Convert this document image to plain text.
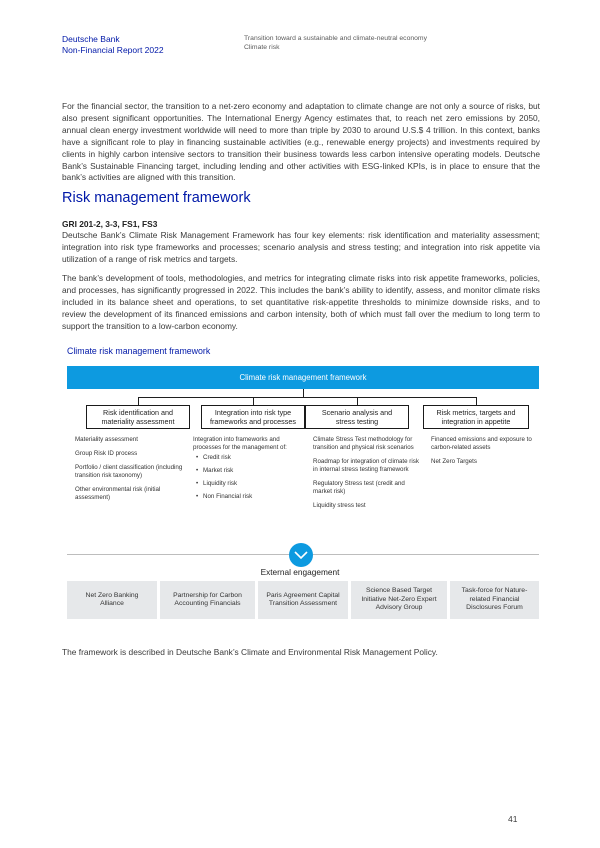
Deutsche Bank
Non-Financial Report 2022
Transition toward a sustainable and climate-neutral economy
Climate risk

For the financial sector, the transition to a net-zero economy and adaptation to climate change are not only a source of risks, but also present significant opportunities. The International Energy Agency estimates that, to reach net zero emissions by 2050, annual clean energy investment worldwide will need to more than triple by 2030 to around U.S.$ 4 trillion. In this context, banks have a significant role to play in financing sustainable activities (e.g., renewable energy projects) and investments required by clients in highly carbon intensive sectors to transition their business towards less carbon intensive operating models. Deutsche Bank’s Sustainable Financing target, including lending and other activities with ESG-linked KPIs, is in place to ensure that the bank’s activities are aligned with this transition.

Risk management framework
GRI 201-2, 3-3, FS1, FS3

Deutsche Bank’s Climate Risk Management Framework has four key elements: risk identification and materiality assessment; integration into risk type frameworks and processes; scenario analysis and stress testing; and integration into risk appetite via utilization of a range of risk metrics and targets.

The bank’s development of tools, methodologies, and metrics for integrating climate risks into risk appetite frameworks, policies, and processes, has significantly progressed in 2022. This includes the bank’s ability to identify, assess, and monitor climate risks included in its balance sheet and operations, to set quantitative risk-appetite thresholds to minimize downside risks, and to review the development of its financed emissions and carbon intensity, both of which must fall over the medium to long term to support the transition to a low-carbon economy.

Climate risk management framework
Climate risk management framework
Risk identification and
materiality assessment
Integration into risk type
frameworks and processes
Scenario analysis and
stress testing
Risk metrics, targets and
integration in appetite
Materiality assessment
Group Risk ID process
Portfolio / client classification (including transition risk taxonomy)
Other environmental risk (initial assessment)
Integration into frameworks and processes for the management of:
• Credit risk
• Market risk
• Liquidity risk
• Non Financial risk
Climate Stress Test methodology for transition and physical risk scenarios
Roadmap for integration of climate risk in internal stress testing framework
Regulatory Stress test (credit and market risk)
Liquidity stress test
Financed emissions and exposure to carbon-related assets
Net Zero Targets
External engagement
Net Zero Banking
Alliance
Partnership for Carbon
Accounting Financials
Paris Agreement Capital
Transition Assessment
Science Based Target
Initiative Net-Zero Expert
Advisory Group
Task-force for Nature-
related Financial
Disclosures Forum

The framework is described in Deutsche Bank’s Climate and Environmental Risk Management Policy.

41
